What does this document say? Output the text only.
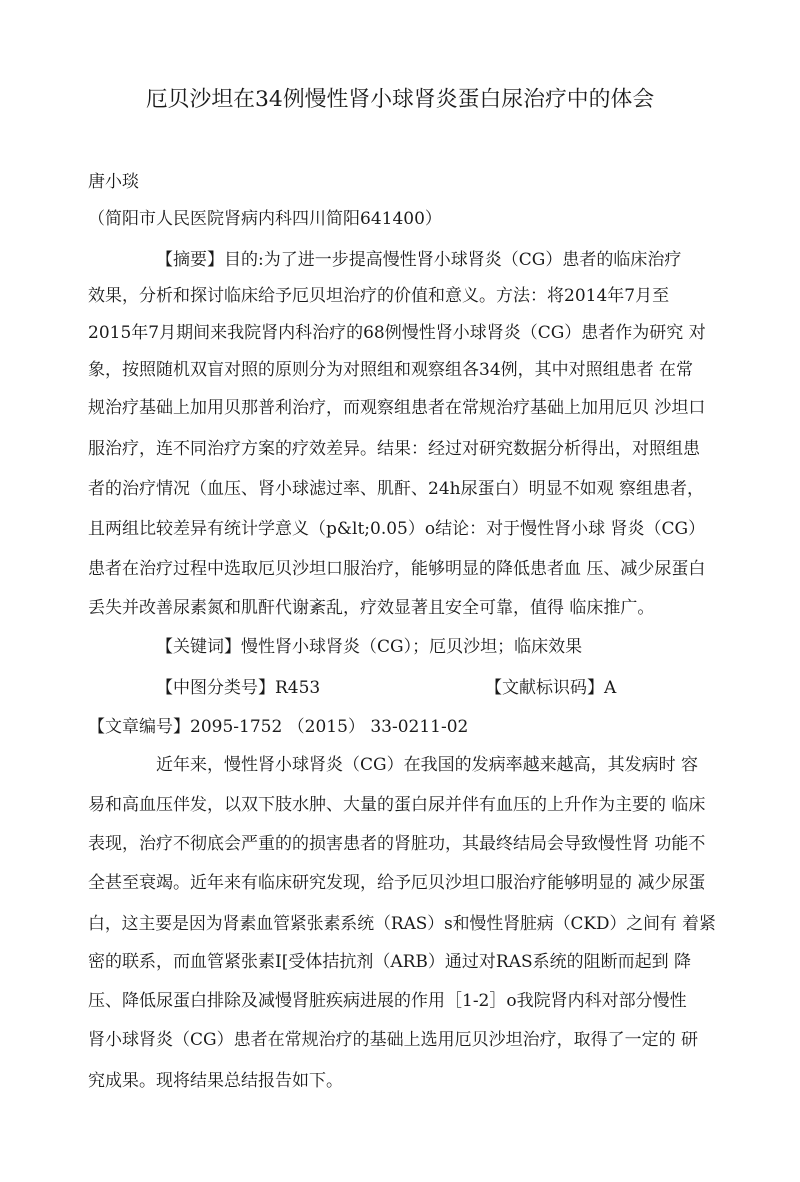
厄贝沙坦在34例慢性肾小球肾炎蛋白尿治疗中的体会
唐小琰
（简阳市人民医院肾病内科四川简阳641400）
【摘要】目的:为了进一步提高慢性肾小球肾炎（CG）患者的临床治疗
效果，分析和探讨临床给予厄贝坦治疗的价值和意义。方法：将2014年7月至
2015年7月期间来我院肾内科治疗的68例慢性肾小球肾炎（CG）患者作为研究 对
象，按照随机双盲对照的原则分为对照组和观察组各34例，其中对照组患者 在常
规治疗基础上加用贝那普利治疗，而观察组患者在常规治疗基础上加用厄贝 沙坦口
服治疗，连不同治疗方案的疗效差异。结果：经过对研究数据分析得出，对照组患
者的治疗情况（血压、肾小球滤过率、肌酐、24h尿蛋白）明显不如观 察组患者，
且两组比较差异有统计学意义（p&lt;0.05）o结论：对于慢性肾小球 肾炎（CG）
患者在治疗过程中选取厄贝沙坦口服治疗，能够明显的降低患者血 压、减少尿蛋白
丢失并改善尿素氮和肌酐代谢紊乱，疗效显著且安全可靠，值得 临床推广。
【关键词】慢性肾小球肾炎（CG）；厄贝沙坦；临床效果
【中图分类号】R453	【文献标识码】A
【文章编号】2095-1752 （2015） 33-0211-02
近年来，慢性肾小球肾炎（CG）在我国的发病率越来越高，其发病时 容
易和高血压伴发，以双下肢水肿、大量的蛋白尿并伴有血压的上升作为主要的 临床
表现，治疗不彻底会严重的的损害患者的肾脏功，其最终结局会导致慢性肾 功能不
全甚至衰竭。近年来有临床研究发现，给予厄贝沙坦口服治疗能够明显的 减少尿蛋
白，这主要是因为肾素血管紧张素系统（RAS）s和慢性肾脏病（CKD）之间有 着紧
密的联系，而血管紧张素Ⅰ[受体拮抗剂（ARB）通过对RAS系统的阻断而起到 降
压、降低尿蛋白排除及减慢肾脏疾病进展的作用［1-2］o我院肾内科对部分慢性
肾小球肾炎（CG）患者在常规治疗的基础上选用厄贝沙坦治疗，取得了一定的 研
究成果。现将结果总结报告如下。
